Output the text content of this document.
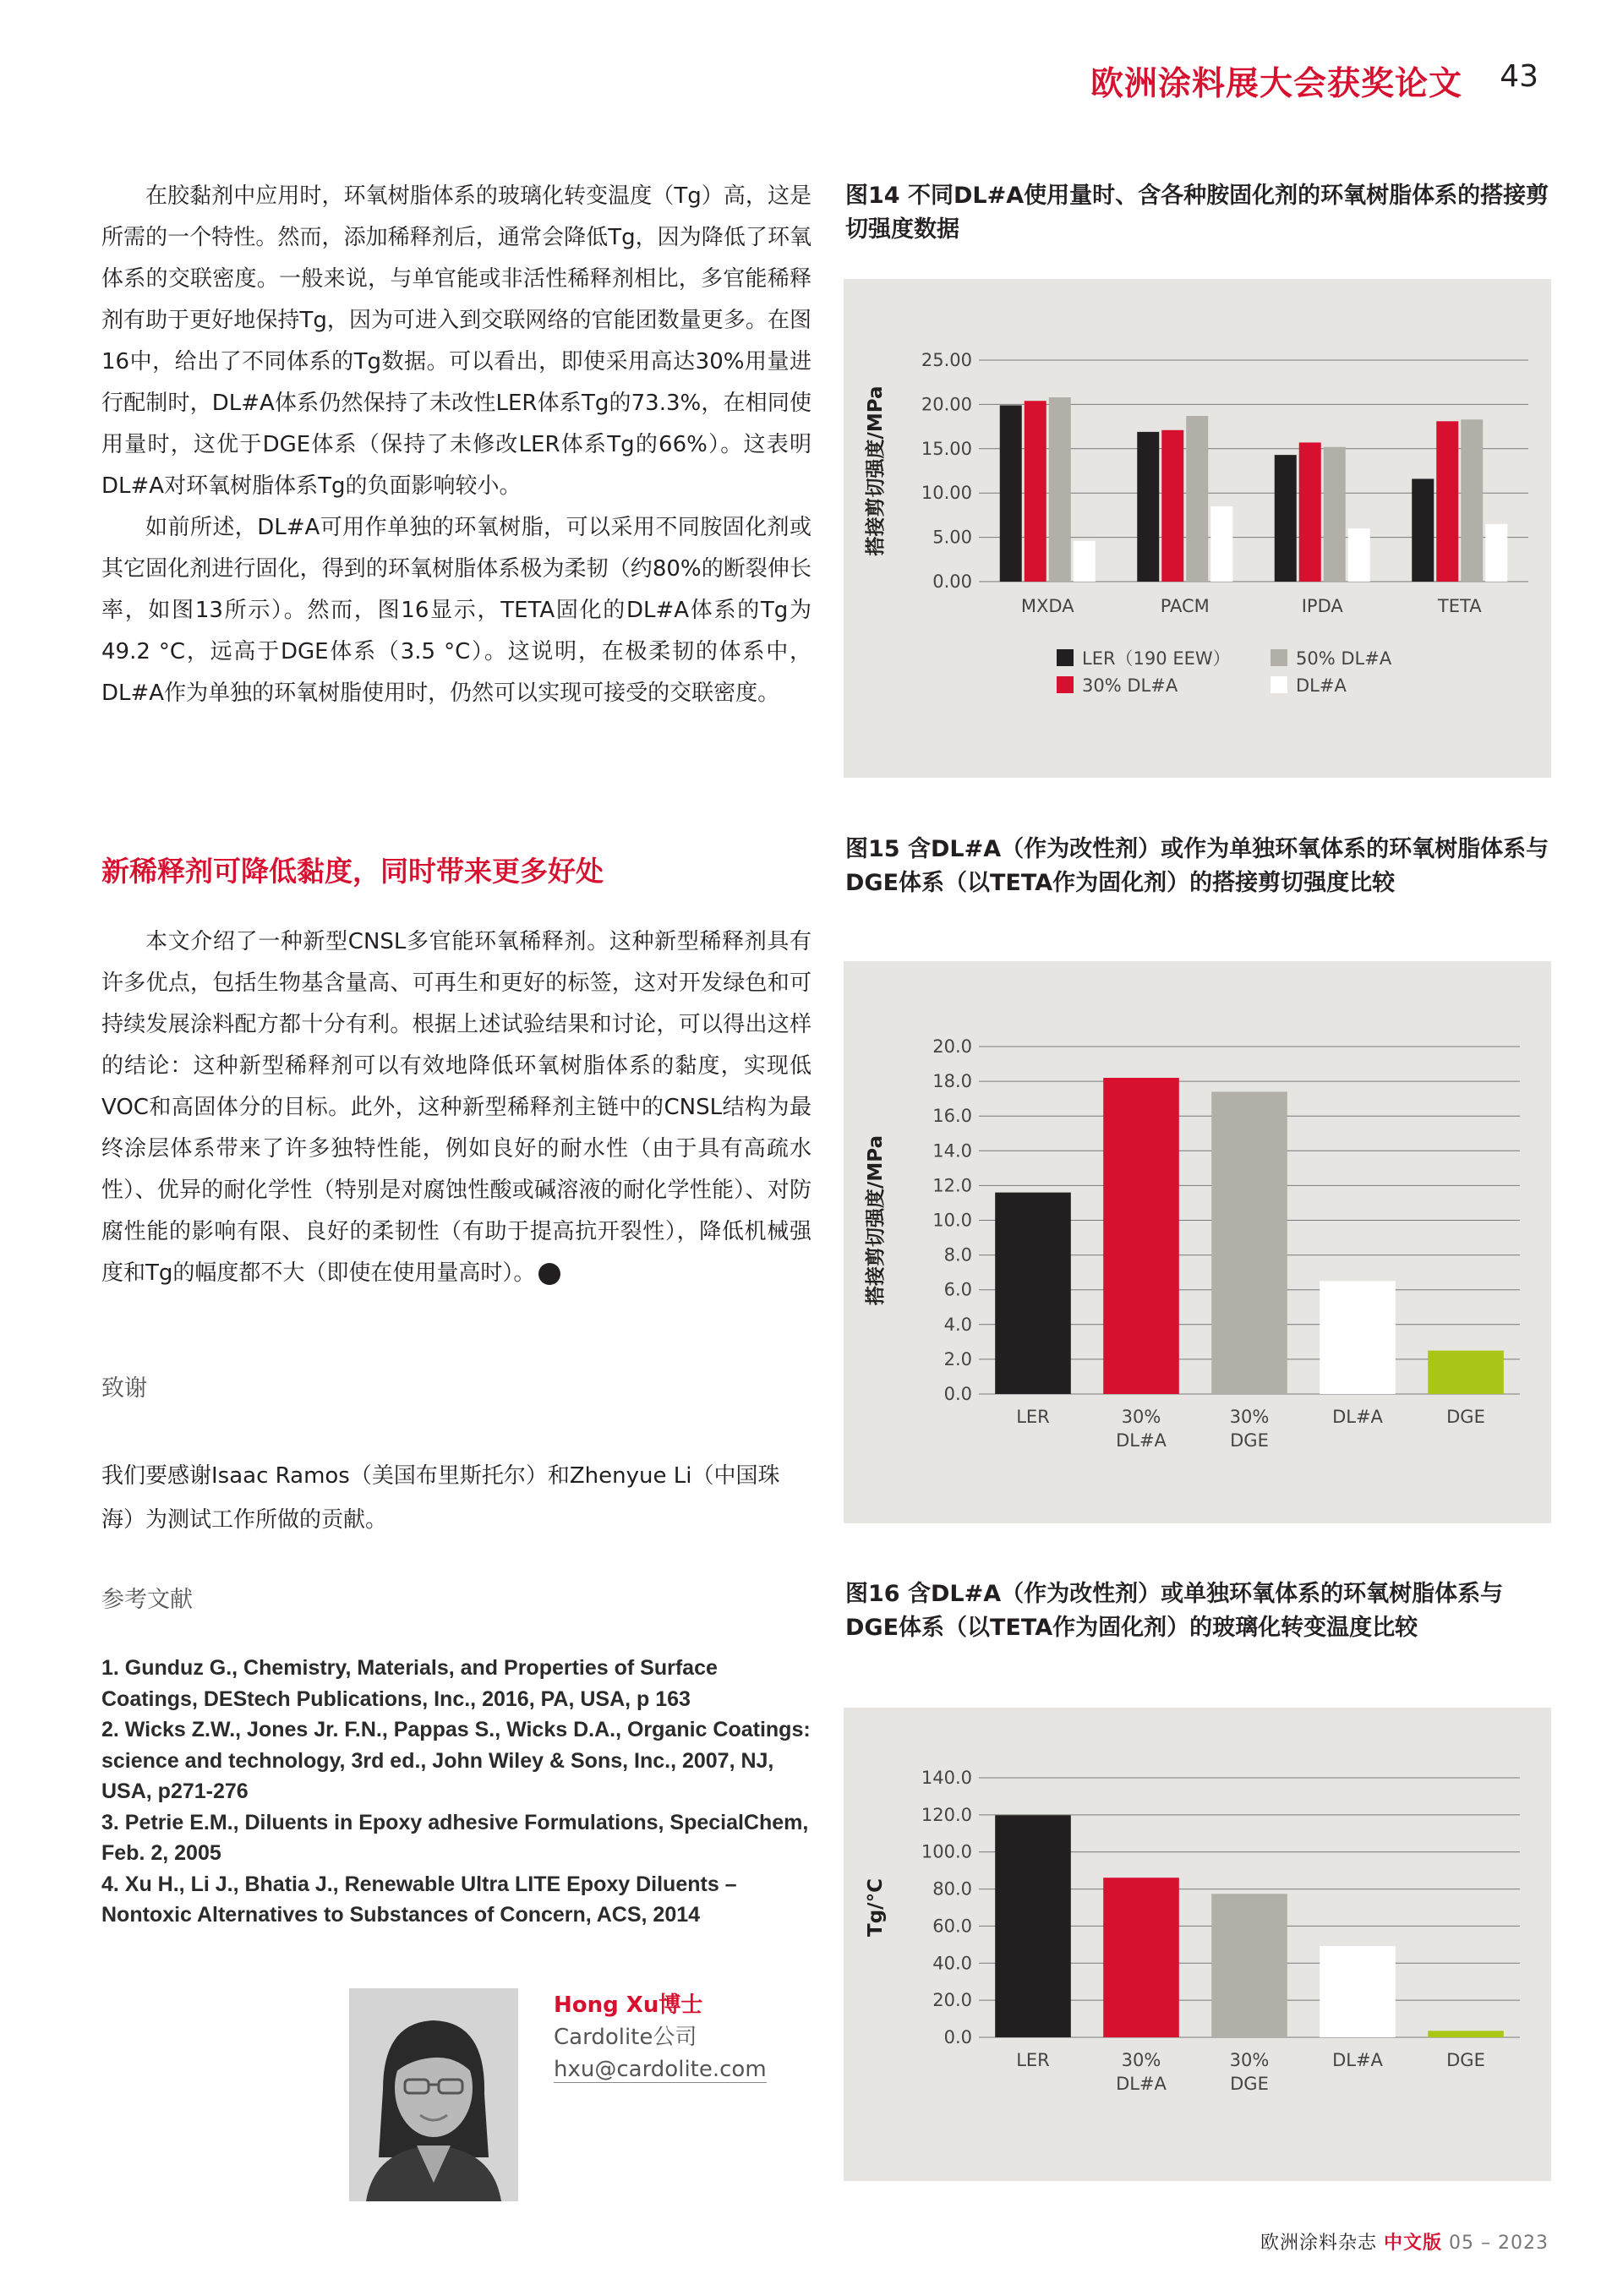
欧洲涂料展大会获奖论文 43

在胶黏剂中应用时，环氧树脂体系的玻璃化转变温度（Tg）高，这是所需的一个特性。然而，添加稀释剂后，通常会降低Tg，因为降低了环氧体系的交联密度。一般来说，与单官能或非活性稀释剂相比，多官能稀释剂有助于更好地保持Tg，因为可进入到交联网络的官能团数量更多。在图16中，给出了不同体系的Tg数据。可以看出，即使采用高达30%用量进行配制时，DL#A体系仍然保持了未改性LER体系Tg的73.3%，在相同使用量时，这优于DGE体系（保持了未修改LER体系Tg的66%）。这表明DL#A对环氧树脂体系Tg的负面影响较小。

如前所述，DL#A可用作单独的环氧树脂，可以采用不同胺固化剂或其它固化剂进行固化，得到的环氧树脂体系极为柔韧（约80%的断裂伸长率，如图13所示）。然而，图16显示，TETA固化的DL#A体系的Tg为49.2 °C，远高于DGE体系（3.5 °C）。这说明，在极柔韧的体系中，DL#A作为单独的环氧树脂使用时，仍然可以实现可接受的交联密度。

新稀释剂可降低黏度，同时带来更多好处

本文介绍了一种新型CNSL多官能环氧稀释剂。这种新型稀释剂具有许多优点，包括生物基含量高、可再生和更好的标签，这对开发绿色和可持续发展涂料配方都十分有利。根据上述试验结果和讨论，可以得出这样的结论：这种新型稀释剂可以有效地降低环氧树脂体系的黏度，实现低VOC和高固体分的目标。此外，这种新型稀释剂主链中的CNSL结构为最终涂层体系带来了许多独特性能，例如良好的耐水性（由于具有高疏水性）、优异的耐化学性（特别是对腐蚀性酸或碱溶液的耐化学性能）、对防腐性能的影响有限、良好的柔韧性（有助于提高抗开裂性），降低机械强度和Tg的幅度都不大（即使在使用量高时）。	❮

致谢
我们要感谢Isaac Ramos（美国布里斯托尔）和Zhenyue Li（中国珠海）为测试工作所做的贡献。
参考文献
1. Gunduz G., Chemistry, Materials, and Properties of Surface Coatings, DEStech Publications, Inc., 2016, PA, USA, p 163
2. Wicks Z.W., Jones Jr. F.N., Pappas S., Wicks D.A., Organic Coatings: science and technology, 3rd ed., John Wiley & Sons, Inc., 2007, NJ, USA, p271-276
3. Petrie E.M., Diluents in Epoxy adhesive Formulations, SpecialChem, Feb. 2, 2005
4. Xu H., Li J., Bhatia J., Renewable Ultra LITE Epoxy Diluents – Nontoxic Alternatives to Substances of Concern, ACS, 2014
Hong Xu博士
Cardolite公司
hxu@cardolite.com
图14 不同DL#A使用量时、含各种胺固化剂的环氧树脂体系的搭接剪切强度数据
0.00
5.00
10.00
15.00
20.00
25.00
搭接剪切强度/MPa
MXDA	PACM	IPDA	TETA
LER（190 EEW）
30% DL#A
50% DL#A
DL#A
图15 含DL#A（作为改性剂）或作为单独环氧体系的环氧树脂体系与DGE体系（以TETA作为固化剂）的搭接剪切强度比较
0.0
2.0
4.0
6.0
8.0
10.0
12.0
14.0
16.0
18.0
20.0
搭接剪切强度/MPa
LER	30%
DL#A
30%
DGE
DL#A	DGE
图16 含DL#A（作为改性剂）或单独环氧体系的环氧树脂体系与DGE体系（以TETA作为固化剂）的玻璃化转变温度比较
0.0
20.0
40.0
60.0
80.0
100.0
120.0
140.0
Tg/°C
LER	30%
DL#A
30%
DGE
DL#A	DGE
欧洲涂料杂志 中文版 05 – 2023
